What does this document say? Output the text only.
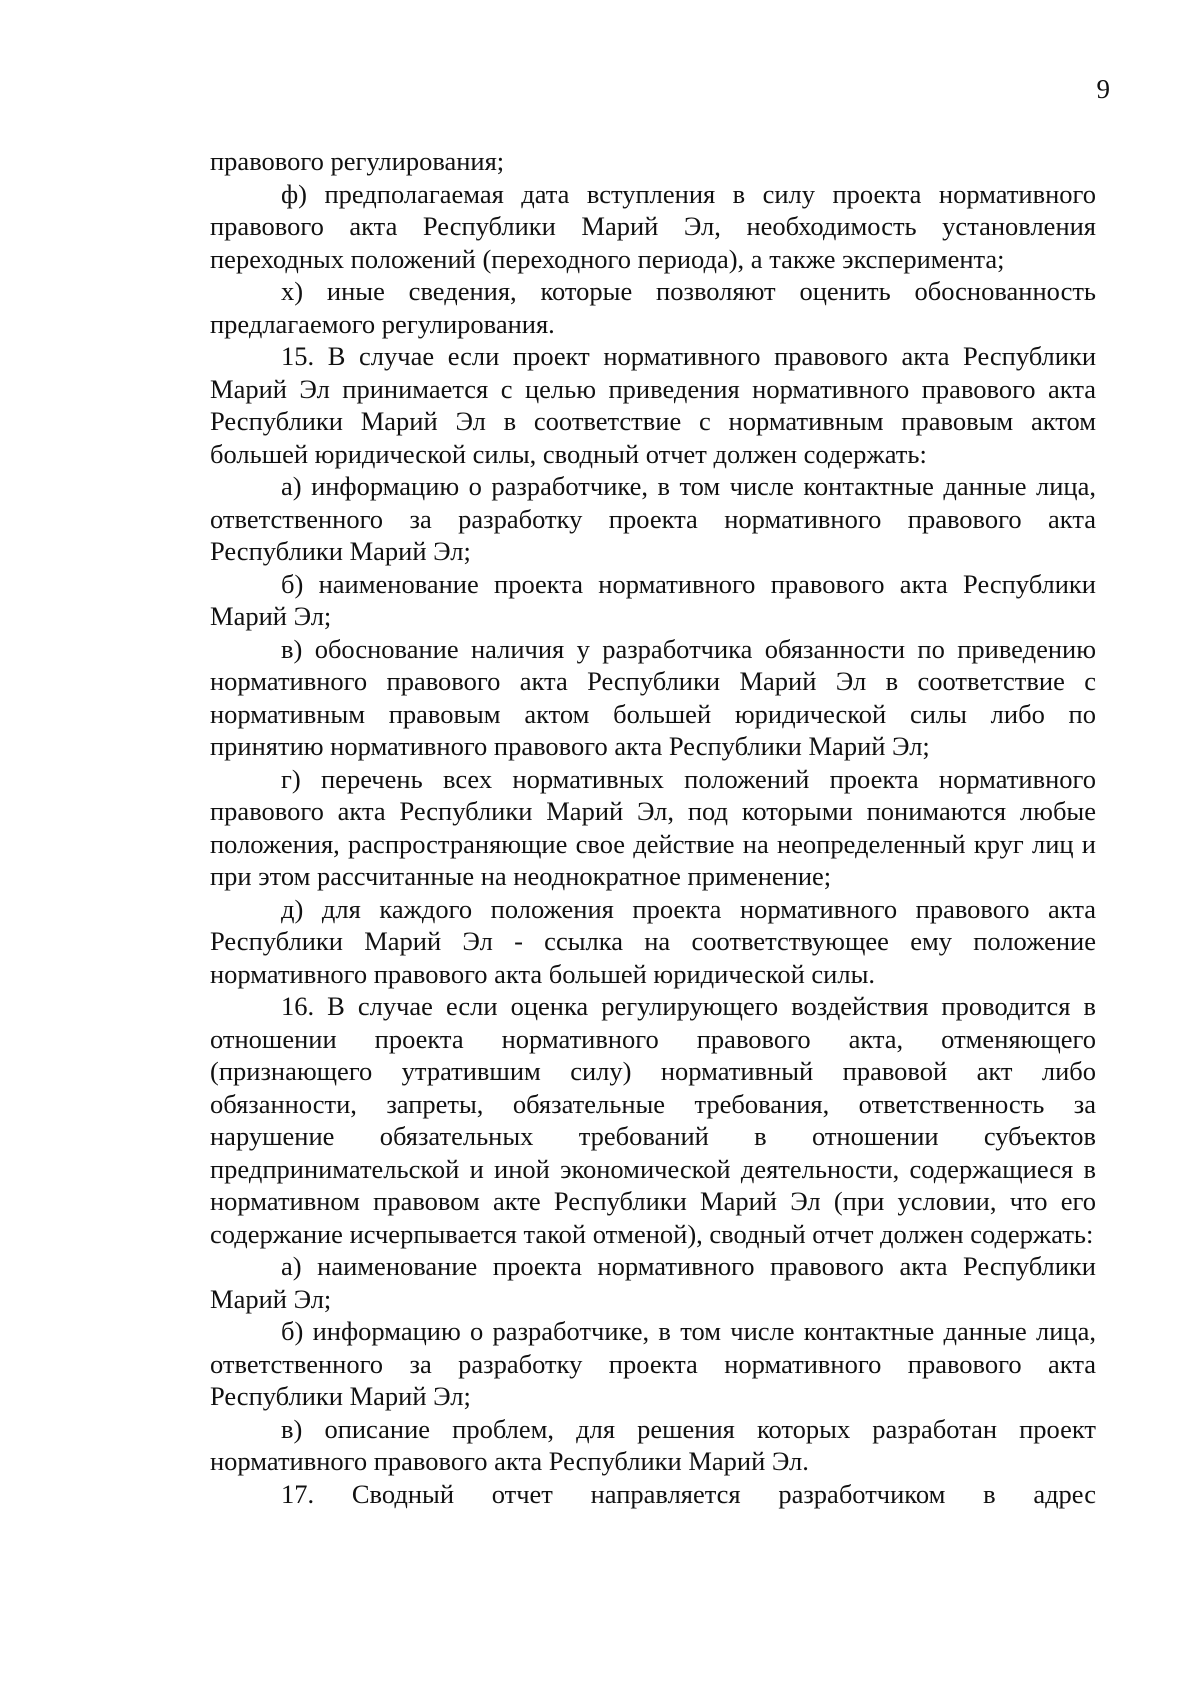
9

правового регулирования;

ф) предполагаемая дата вступления в силу проекта нормативного правового акта Республики Марий Эл, необходимость установления переходных положений (переходного периода), а также эксперимента;

х) иные сведения, которые позволяют оценить обоснованность предлагаемого регулирования.

15. В случае если проект нормативного правового акта Республики Марий Эл принимается с целью приведения нормативного правового акта Республики Марий Эл в соответствие с нормативным правовым актом большей юридической силы, сводный отчет должен содержать:

а) информацию о разработчике, в том числе контактные данные лица, ответственного за разработку проекта нормативного правового акта Республики Марий Эл;

б) наименование проекта нормативного правового акта Республики Марий Эл;

в) обоснование наличия у разработчика обязанности по приведению нормативного правового акта Республики Марий Эл в соответствие с нормативным правовым актом большей юридической силы либо по принятию нормативного правового акта Республики Марий Эл;

г) перечень всех нормативных положений проекта нормативного правового акта Республики Марий Эл, под которыми понимаются любые положения, распространяющие свое действие на неопределенный круг лиц и при этом рассчитанные на неоднократное применение;

д) для каждого положения проекта нормативного правового акта Республики Марий Эл - ссылка на соответствующее ему положение нормативного правового акта большей юридической силы.

16. В случае если оценка регулирующего воздействия проводится в отношении проекта нормативного правового акта, отменяющего (признающего утратившим силу) нормативный правовой акт либо обязанности, запреты, обязательные требования, ответственность за нарушение обязательных требований в отношении субъектов предпринимательской и иной экономической деятельности, содержащиеся в нормативном правовом акте Республики Марий Эл (при условии, что его содержание исчерпывается такой отменой), сводный отчет должен содержать:

а) наименование проекта нормативного правового акта Республики Марий Эл;

б) информацию о разработчике, в том числе контактные данные лица, ответственного за разработку проекта нормативного правового акта Республики Марий Эл;

в) описание проблем, для решения которых разработан проект нормативного правового акта Республики Марий Эл.

17. Сводный отчет направляется разработчиком в адрес
